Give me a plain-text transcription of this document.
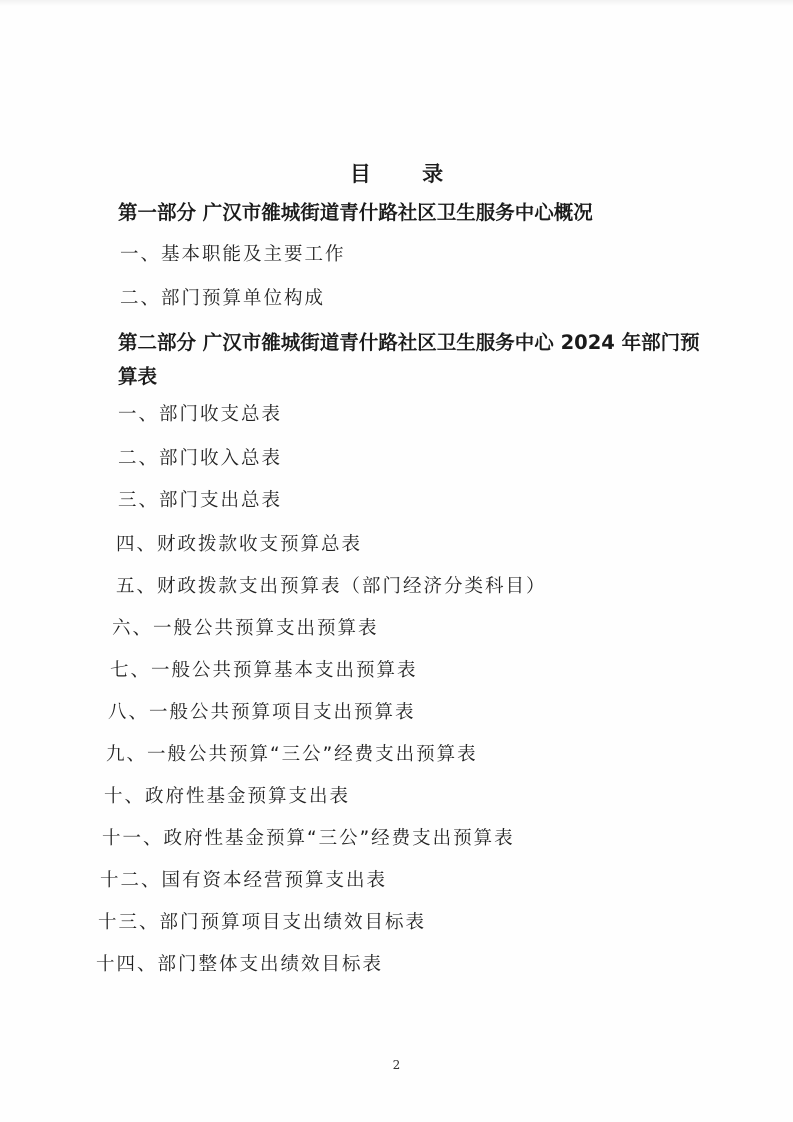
目 录
第一部分 广汉市雒城街道青什路社区卫生服务中心概况
一、基本职能及主要工作
二、部门预算单位构成
第二部分 广汉市雒城街道青什路社区卫生服务中心 2024 年部门预算表
一、部门收支总表
二、部门收入总表
三、部门支出总表
四、财政拨款收支预算总表
五、财政拨款支出预算表（部门经济分类科目）
六、一般公共预算支出预算表
七、一般公共预算基本支出预算表
八、一般公共预算项目支出预算表
九、一般公共预算“三公”经费支出预算表
十、政府性基金预算支出表
十一、政府性基金预算“三公”经费支出预算表
十二、国有资本经营预算支出表
十三、部门预算项目支出绩效目标表
十四、部门整体支出绩效目标表
2
